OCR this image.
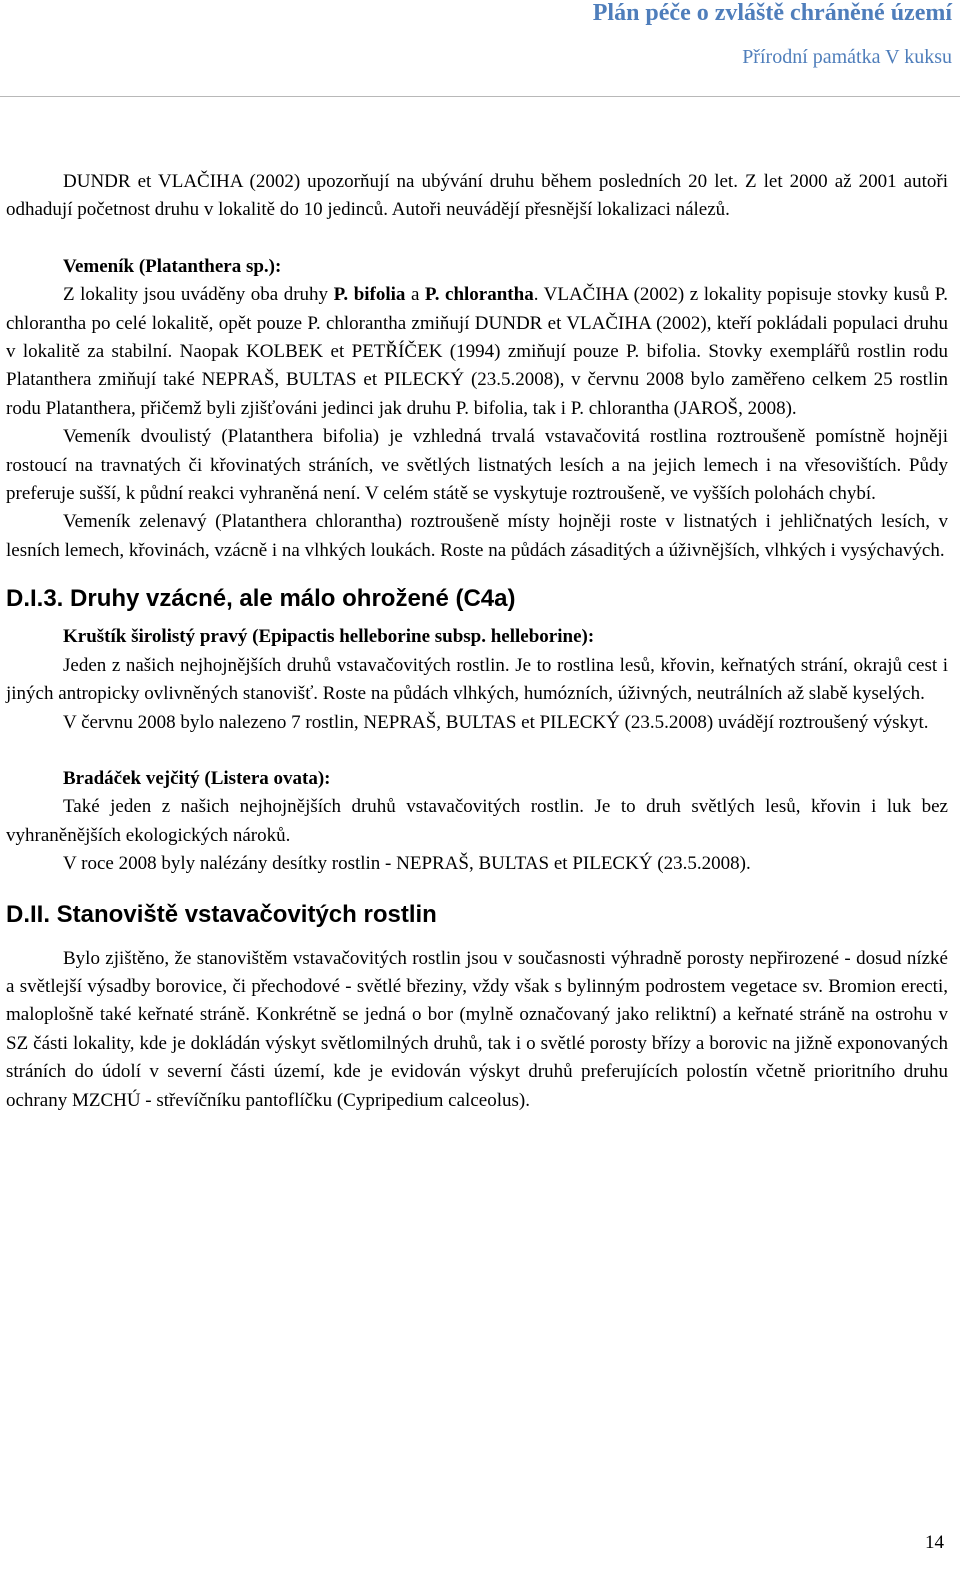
Plán péče o zvláště chráněné území
Přírodní památka V kuksu

DUNDR et VLAČIHA (2002) upozorňují na ubývání druhu během posledních 20 let. Z let 2000 až 2001 autoři odhadují početnost druhu v lokalitě do 10 jedinců. Autoři neuvádějí přesnější lokalizaci nálezů.

Vemeník (Platanthera sp.):

Z lokality jsou uváděny oba druhy P. bifolia a P. chlorantha. VLAČIHA (2002) z lokality popisuje stovky kusů P. chlorantha po celé lokalitě, opět pouze P. chlorantha zmiňují DUNDR et VLAČIHA (2002), kteří pokládali populaci druhu v lokalitě za stabilní. Naopak KOLBEK et PETŘÍČEK (1994) zmiňují pouze P. bifolia. Stovky exemplářů rostlin rodu Platanthera zmiňují také NEPRAŠ, BULTAS et PILECKÝ (23.5.2008), v červnu 2008 bylo zaměřeno celkem 25 rostlin rodu Platanthera, přičemž byli zjišťováni jedinci jak druhu P. bifolia, tak i P. chlorantha (JAROŠ, 2008).

Vemeník dvoulistý (Platanthera bifolia) je vzhledná trvalá vstavačovitá rostlina roztroušeně pomístně hojněji rostoucí na travnatých či křovinatých stráních, ve světlých listnatých lesích a na jejich lemech i na vřesovištích. Půdy preferuje sušší, k půdní reakci vyhraněná není. V celém státě se vyskytuje roztroušeně, ve vyšších polohách chybí.

Vemeník zelenavý (Platanthera chlorantha) roztroušeně místy hojněji roste v listnatých i jehličnatých lesích, v lesních lemech, křovinách, vzácně i na vlhkých loukách. Roste na půdách zásaditých a úživnějších, vlhkých i vysýchavých.

D.I.3. Druhy vzácné, ale málo ohrožené (C4a)

Kruštík širolistý pravý (Epipactis helleborine subsp. helleborine):

Jeden z našich nejhojnějších druhů vstavačovitých rostlin. Je to rostlina lesů, křovin, keřnatých strání, okrajů cest i jiných antropicky ovlivněných stanovišť. Roste na půdách vlhkých, humózních, úživných, neutrálních až slabě kyselých.

V červnu 2008 bylo nalezeno 7 rostlin, NEPRAŠ, BULTAS et PILECKÝ (23.5.2008) uvádějí roztroušený výskyt.

Bradáček vejčitý (Listera ovata):

Také jeden z našich nejhojnějších druhů vstavačovitých rostlin. Je to druh světlých lesů, křovin i luk bez vyhraněnějších ekologických nároků.

V roce 2008 byly nalézány desítky rostlin - NEPRAŠ, BULTAS et PILECKÝ (23.5.2008).

D.II. Stanoviště vstavačovitých rostlin

Bylo zjištěno, že stanovištěm vstavačovitých rostlin jsou v současnosti výhradně porosty nepřirozené - dosud nízké a světlejší výsadby borovice, či přechodové - světlé březiny, vždy však s bylinným podrostem vegetace sv. Bromion erecti, maloplošně také keřnaté stráně. Konkrétně se jedná o bor (mylně označovaný jako reliktní) a keřnaté stráně na ostrohu v SZ části lokality, kde je dokládán výskyt světlomilných druhů, tak i o světlé porosty břízy a borovic na jižně exponovaných stráních do údolí v severní části území, kde je evidován výskyt druhů preferujících polostín včetně prioritního druhu ochrany MZCHÚ - střevíčníku pantoflíčku (Cypripedium calceolus).

14
